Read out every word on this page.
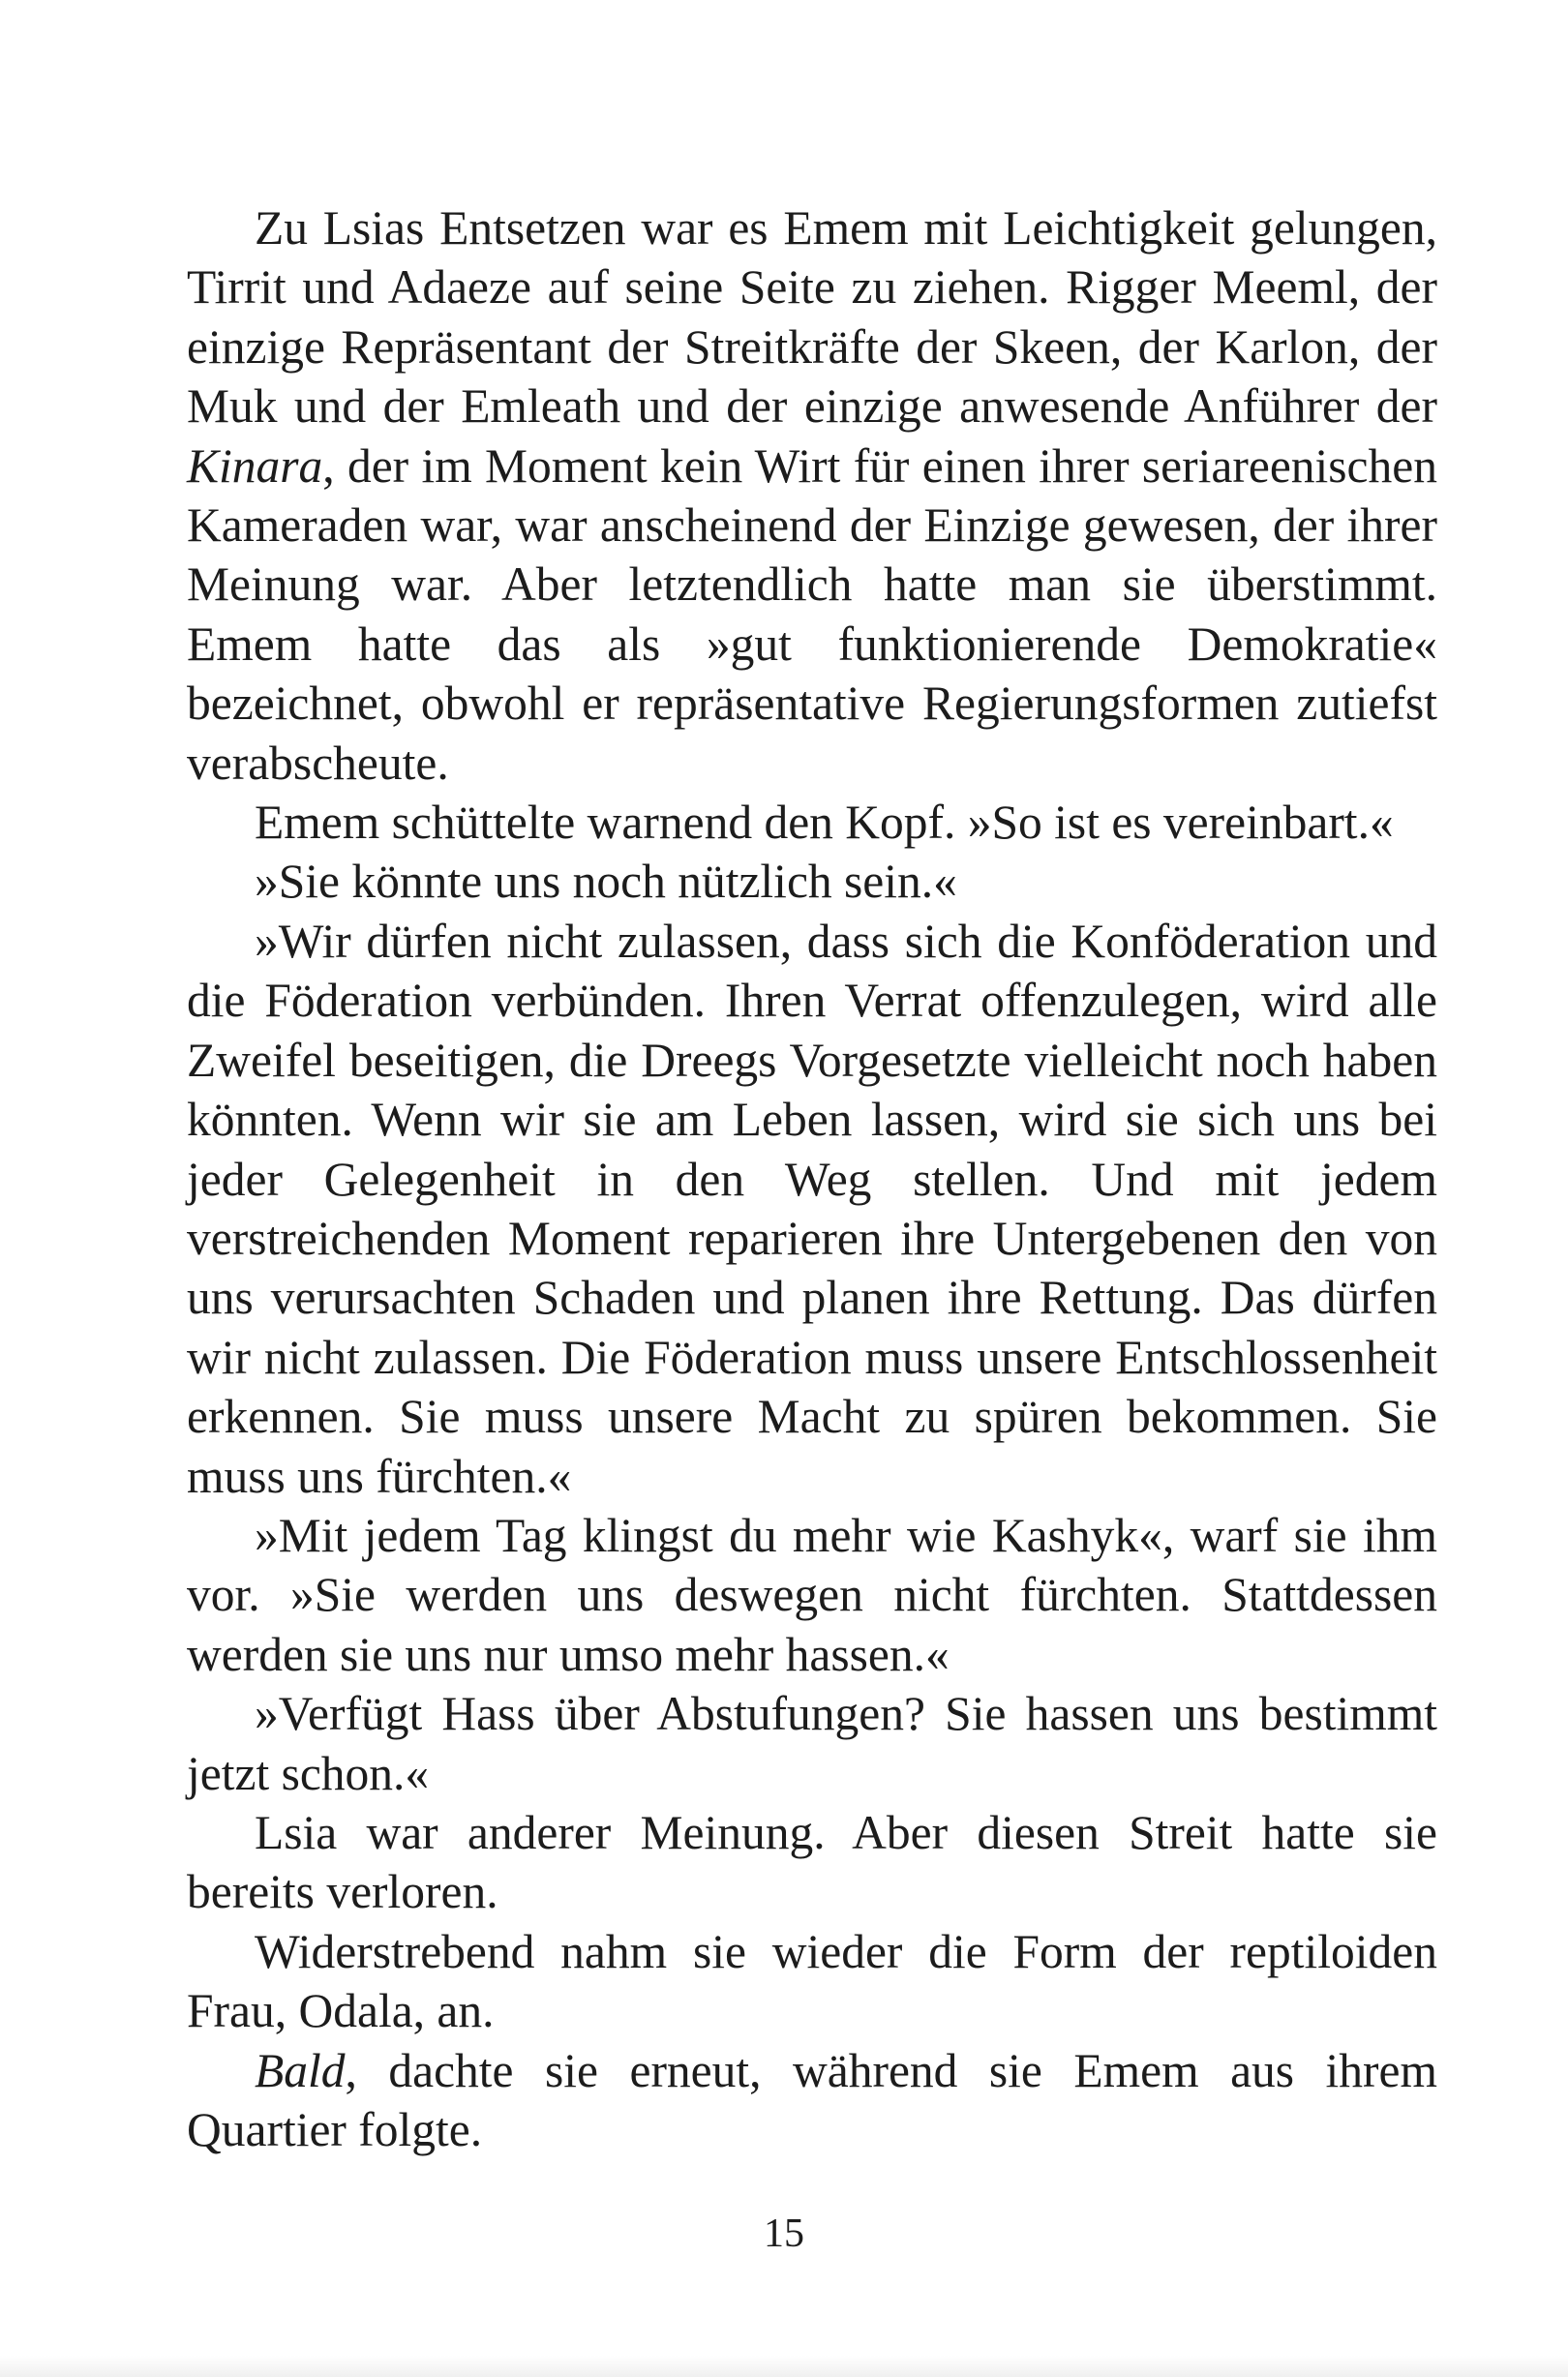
Zu Lsias Entsetzen war es Emem mit Leichtigkeit gelungen, Tirrit und Adaeze auf seine Seite zu ziehen. Rigger Meeml, der einzige Repräsentant der Streitkräfte der Skeen, der Karlon, der Muk und der Emleath und der einzige anwesende Anführer der Kinara, der im Moment kein Wirt für einen ihrer seriareenischen Kameraden war, war anscheinend der Einzige gewesen, der ihrer Meinung war. Aber letztendlich hatte man sie überstimmt. Emem hatte das als »gut funktionierende Demokratie« bezeichnet, obwohl er repräsentative Regierungsformen zutiefst verabscheute.

Emem schüttelte warnend den Kopf. »So ist es vereinbart.«

»Sie könnte uns noch nützlich sein.«

»Wir dürfen nicht zulassen, dass sich die Konföderation und die Föderation verbünden. Ihren Verrat offenzulegen, wird alle Zweifel beseitigen, die Dreegs Vorgesetzte vielleicht noch haben könnten. Wenn wir sie am Leben lassen, wird sie sich uns bei jeder Gelegenheit in den Weg stellen. Und mit jedem verstreichenden Moment reparieren ihre Untergebenen den von uns verursachten Schaden und planen ihre Rettung. Das dürfen wir nicht zulassen. Die Föderation muss unsere Entschlossenheit erkennen. Sie muss unsere Macht zu spüren bekommen. Sie muss uns fürchten.«

»Mit jedem Tag klingst du mehr wie Kashyk«, warf sie ihm vor. »Sie werden uns deswegen nicht fürchten. Stattdessen werden sie uns nur umso mehr hassen.«

»Verfügt Hass über Abstufungen? Sie hassen uns bestimmt jetzt schon.«

Lsia war anderer Meinung. Aber diesen Streit hatte sie bereits verloren.

Widerstrebend nahm sie wieder die Form der reptiloiden Frau, Odala, an.

Bald, dachte sie erneut, während sie Emem aus ihrem Quartier folgte.

15
